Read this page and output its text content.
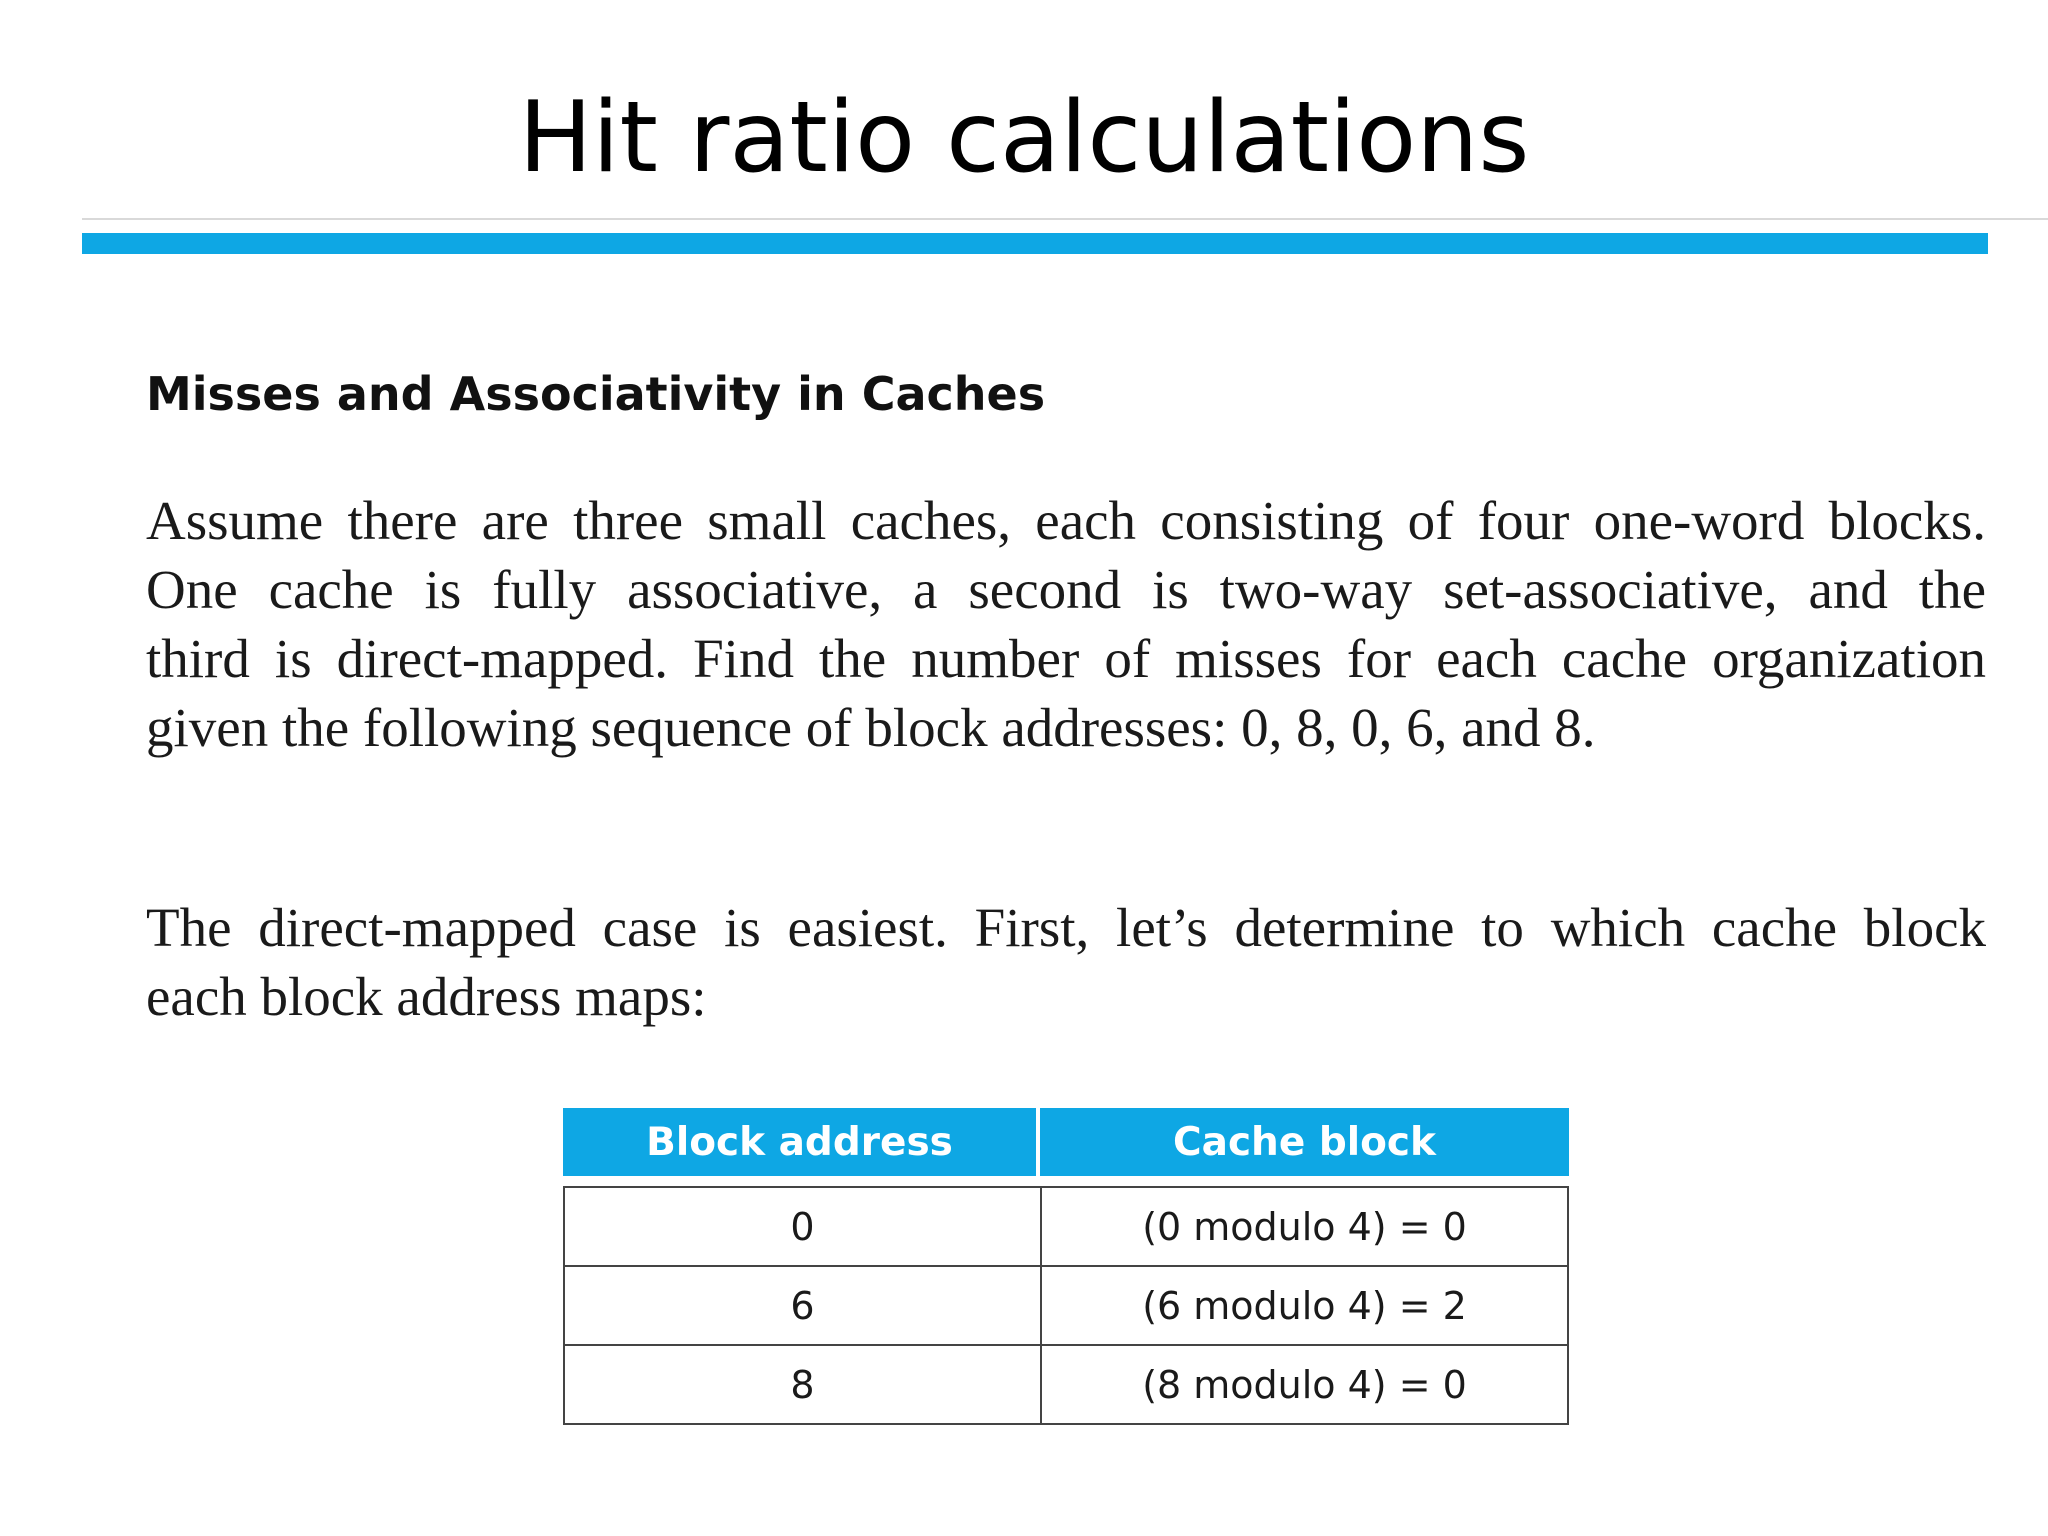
Hit ratio calculations
Misses and Associativity in Caches
Assume there are three small caches, each consisting of four one-word blocks.
One cache is fully associative, a second is two-way set-associative, and the
third is direct-mapped. Find the number of misses for each cache organization
given the following sequence of block addresses: 0, 8, 0, 6, and 8.
The direct-mapped case is easiest. First, let’s determine to which cache block
each block address maps:
Block address	Cache block

0	(0 modulo 4) = 0
6	(6 modulo 4) = 2
8	(8 modulo 4) = 0
